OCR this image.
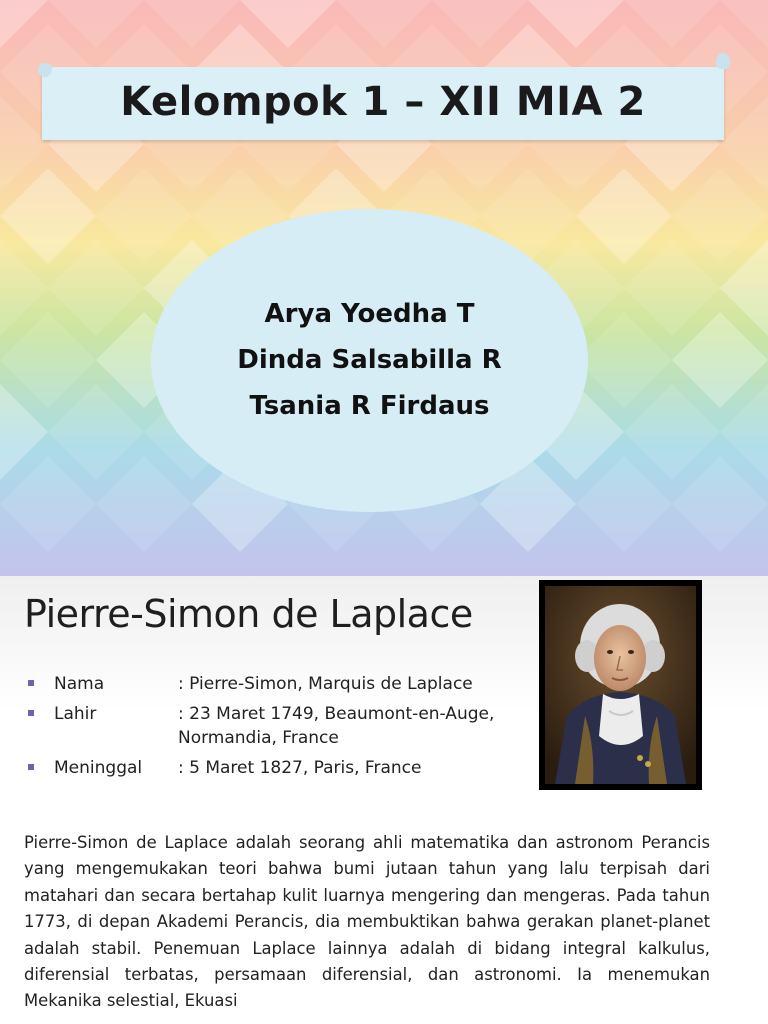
Kelompok 1 – XII MIA 2
Arya Yoedha T
Dinda Salsabilla R
Tsania R Firdaus
Pierre-Simon de Laplace
Nama	: Pierre-Simon, Marquis de Laplace
Lahir	: 23 Maret 1749, Beaumont-en-Auge,
Normandia, France
Meninggal	: 5 Maret 1827, Paris, France

Pierre-Simon de Laplace adalah seorang ahli matematika dan astronom Perancis yang mengemukakan teori bahwa bumi jutaan tahun yang lalu terpisah dari matahari dan secara bertahap kulit luarnya mengering dan mengeras. Pada tahun 1773, di depan Akademi Perancis, dia membuktikan bahwa gerakan planet-planet adalah stabil. Penemuan Laplace lainnya adalah di bidang integral kalkulus, diferensial terbatas, persamaan diferensial, dan astronomi. Ia menemukan Mekanika selestial, Ekuasi
